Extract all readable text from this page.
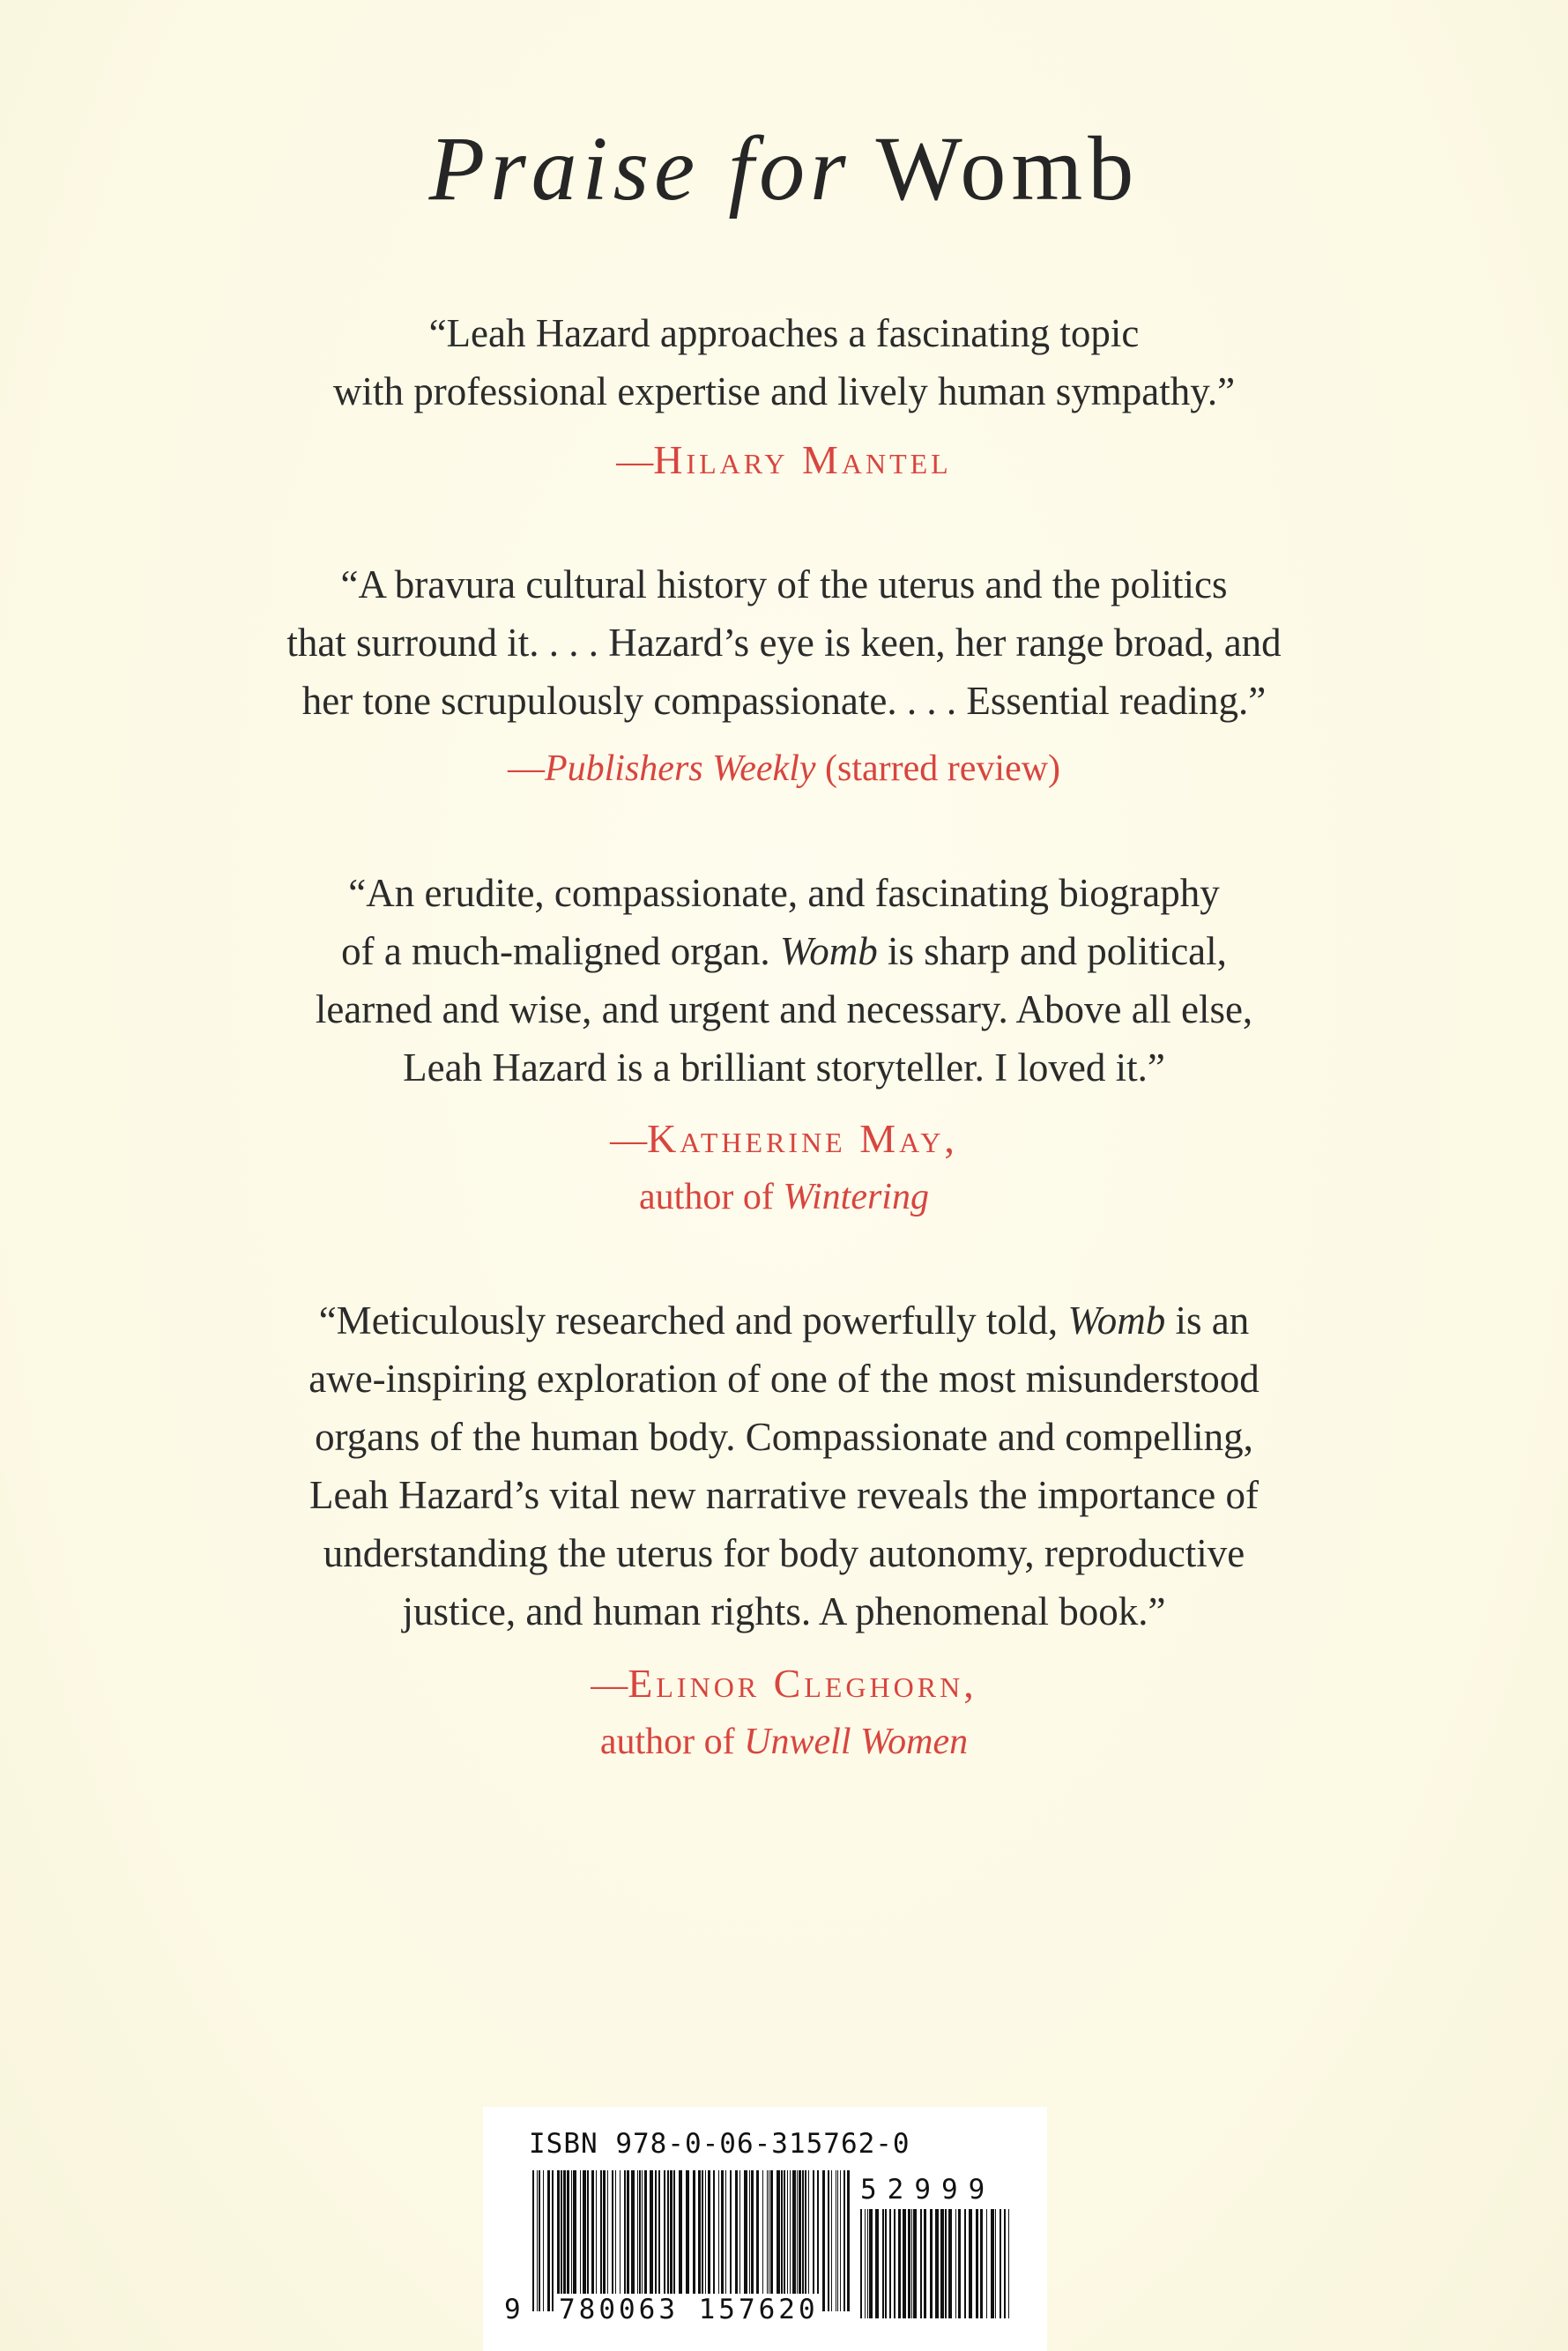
Praise for Womb
“Leah Hazard approaches a fascinating topic
with professional expertise and lively human sympathy.”
—Hilary Mantel
“A bravura cultural history of the uterus and the politics
that surround it. . . . Hazard’s eye is keen, her range broad, and
her tone scrupulously compassionate. . . . Essential reading.”
—Publishers Weekly (starred review)
“An erudite, compassionate, and fascinating biography
of a much-maligned organ. Womb is sharp and political,
learned and wise, and urgent and necessary. Above all else,
Leah Hazard is a brilliant storyteller. I loved it.”
—Katherine May,
author of Wintering
“Meticulously researched and powerfully told, Womb is an
awe-inspiring exploration of one of the most misunderstood
organs of the human body. Compassionate and compelling,
Leah Hazard’s vital new narrative reveals the importance of
understanding the uterus for body autonomy, reproductive
justice, and human rights. A phenomenal book.”
—Elinor Cleghorn,
author of Unwell Women
ISBN 978-0-06-315762-0
52999
9 780063 157620
